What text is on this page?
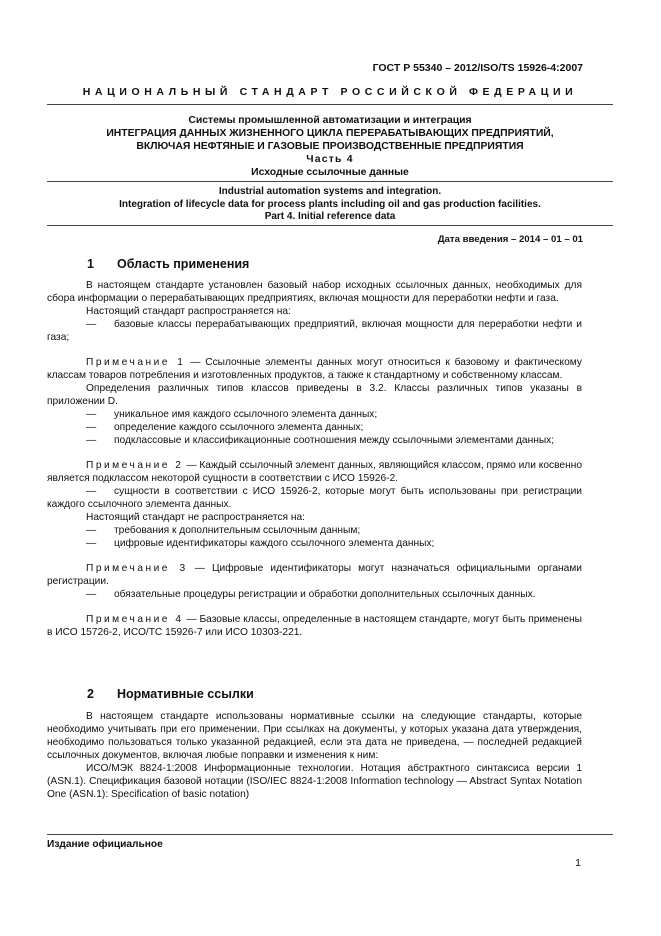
ГОСТ Р 55340 – 2012/ISO/TS 15926-4:2007
НАЦИОНАЛЬНЫЙ СТАНДАРТ РОССИЙСКОЙ ФЕДЕРАЦИИ
Системы промышленной автоматизации и интеграция
ИНТЕГРАЦИЯ ДАННЫХ ЖИЗНЕННОГО ЦИКЛА ПЕРЕРАБАТЫВАЮЩИХ ПРЕДПРИЯТИЙ,
ВКЛЮЧАЯ НЕФТЯНЫЕ И ГАЗОВЫЕ ПРОИЗВОДСТВЕННЫЕ ПРЕДПРИЯТИЯ
Часть 4
Исходные ссылочные данные
Industrial automation systems and integration.
Integration of lifecycle data for process plants including oil and gas production facilities.
Part 4. Initial reference data
Дата введения – 2014 – 01 – 01
1 Область применения

В настоящем стандарте установлен базовый набор исходных ссылочных данных, необходимых для сбора информации о перерабатывающих предприятиях, включая мощности для переработки нефти и газа.

Настоящий стандарт распространяется на:

— базовые классы перерабатывающих предприятий, включая мощности для переработки нефти и газа;

Примечание 1 — Ссылочные элементы данных могут относиться к базовому и фактическому классам товаров потребления и изготовленных продуктов, а также к стандартному и собственному классам.

Определения различных типов классов приведены в 3.2. Классы различных типов указаны в приложении D.

— уникальное имя каждого ссылочного элемента данных;

— определение каждого ссылочного элемента данных;

— подклассовые и классификационные соотношения между ссылочными элементами данных;

Примечание 2 — Каждый ссылочный элемент данных, являющийся классом, прямо или косвенно является подклассом некоторой сущности в соответствии с ИСО 15926-2.

— сущности в соответствии с ИСО 15926-2, которые могут быть использованы при регистрации каждого ссылочного элемента данных.

Настоящий стандарт не распространяется на:

— требования к дополнительным ссылочным данным;

— цифровые идентификаторы каждого ссылочного элемента данных;

Примечание 3 — Цифровые идентификаторы могут назначаться официальными органами регистрации.

— обязательные процедуры регистрации и обработки дополнительных ссылочных данных.

Примечание 4 — Базовые классы, определенные в настоящем стандарте, могут быть применены в ИСО 15726-2, ИСО/ТС 15926-7 или ИСО 10303-221.

2 Нормативные ссылки

В настоящем стандарте использованы нормативные ссылки на следующие стандарты, которые необходимо учитывать при его применении. При ссылках на документы, у которых указана дата утверждения, необходимо пользоваться только указанной редакцией, если эта дата не приведена, — последней редакцией ссылочных документов, включая любые поправки и изменения к ним:

ИСО/МЭК 8824-1:2008 Информационные технологии. Нотация абстрактного синтаксиса версии 1 (ASN.1). Спецификация базовой нотации (ISO/IEC 8824-1:2008 Information technology — Abstract Syntax Notation One (ASN.1): Specification of basic notation)

Издание официальное
1
